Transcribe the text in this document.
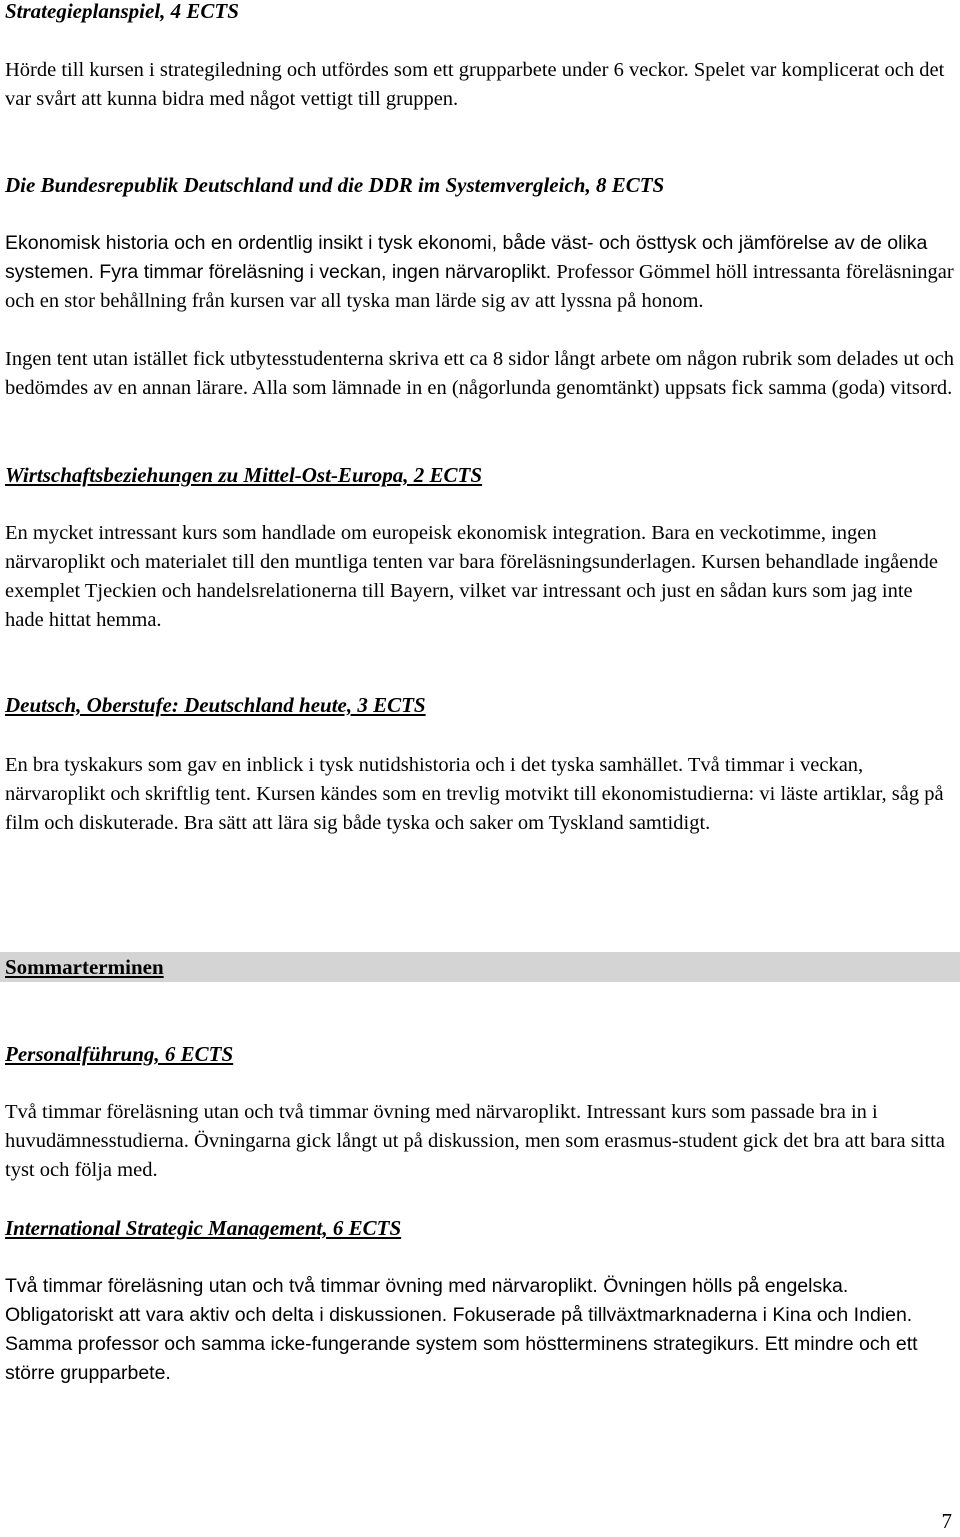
Strategieplanspiel, 4 ECTS

Hörde till kursen i strategiledning och utfördes som ett grupparbete under 6 veckor. Spelet var komplicerat och det var svårt att kunna bidra med något vettigt till gruppen.

Die Bundesrepublik Deutschland und die DDR im Systemvergleich, 8 ECTS

Ekonomisk historia och en ordentlig insikt i tysk ekonomi, både väst- och östtysk och jämförelse av de olika systemen. Fyra timmar föreläsning i veckan, ingen närvaroplikt. Professor Gömmel höll intressanta föreläsningar och en stor behållning från kursen var all tyska man lärde sig av att lyssna på honom.

Ingen tent utan istället fick utbytesstudenterna skriva ett ca 8 sidor långt arbete om någon rubrik som delades ut och bedömdes av en annan lärare. Alla som lämnade in en (någorlunda genomtänkt) uppsats fick samma (goda) vitsord.

Wirtschaftsbeziehungen zu Mittel-Ost-Europa, 2 ECTS

En mycket intressant kurs som handlade om europeisk ekonomisk integration. Bara en veckotimme, ingen närvaroplikt och materialet till den muntliga tenten var bara föreläsningsunderlagen. Kursen behandlade ingående exemplet Tjeckien och handelsrelationerna till Bayern, vilket var intressant och just en sådan kurs som jag inte hade hittat hemma.

Deutsch, Oberstufe: Deutschland heute, 3 ECTS

En bra tyskakurs som gav en inblick i tysk nutidshistoria och i det tyska samhället. Två timmar i veckan, närvaroplikt och skriftlig tent. Kursen kändes som en trevlig motvikt till ekonomistudierna: vi läste artiklar, såg på film och diskuterade. Bra sätt att lära sig både tyska och saker om Tyskland samtidigt.

Sommarterminen
Personalführung, 6 ECTS

Två timmar föreläsning utan och två timmar övning med närvaroplikt. Intressant kurs som passade bra in i huvudämnesstudierna. Övningarna gick långt ut på diskussion, men som erasmus-student gick det bra att bara sitta tyst och följa med.

International Strategic Management, 6 ECTS

Två timmar föreläsning utan och två timmar övning med närvaroplikt. Övningen hölls på engelska. Obligatoriskt att vara aktiv och delta i diskussionen. Fokuserade på tillväxtmarknaderna i Kina och Indien. Samma professor och samma icke-fungerande system som höstterminens strategikurs. Ett mindre och ett större grupparbete.

7
